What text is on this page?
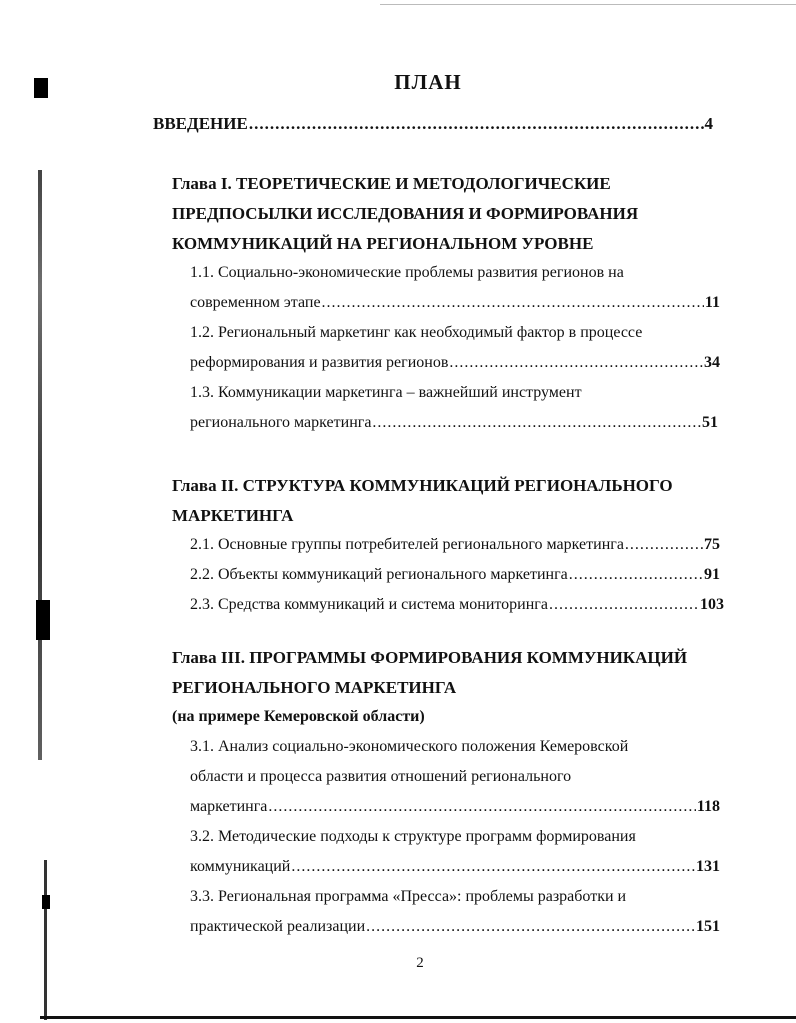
ПЛАН
ВВЕДЕНИЕ .....	4
Глава I. ТЕОРЕТИЧЕСКИЕ И МЕТОДОЛОГИЧЕСКИЕ
ПРЕДПОСЫЛКИ ИССЛЕДОВАНИЯ И ФОРМИРОВАНИЯ
КОММУНИКАЦИЙ НА РЕГИОНАЛЬНОМ УРОВНЕ
1.1. Социально-экономические проблемы развития регионов на
современном этапе .....	11
1.2. Региональный маркетинг как необходимый фактор в процессе
реформирования и развития регионов .....	34
1.3. Коммуникации маркетинга – важнейший инструмент
регионального маркетинга .....	51
Глава II. СТРУКТУРА КОММУНИКАЦИЙ РЕГИОНАЛЬНОГО
МАРКЕТИНГА
2.1. Основные группы потребителей регионального маркетинга .....	75
2.2. Объекты коммуникаций регионального маркетинга .....	91
2.3. Средства коммуникаций и система мониторинга .....	103
Глава III. ПРОГРАММЫ ФОРМИРОВАНИЯ КОММУНИКАЦИЙ
РЕГИОНАЛЬНОГО МАРКЕТИНГА
(на примере Кемеровской области)
3.1. Анализ социально-экономического положения Кемеровской
области и процесса развития отношений регионального
маркетинга .....	118
3.2. Методические подходы к структуре программ формирования
коммуникаций .....	131
3.3. Региональная программа «Пресса»: проблемы разработки и
практической реализации .....	151
2
